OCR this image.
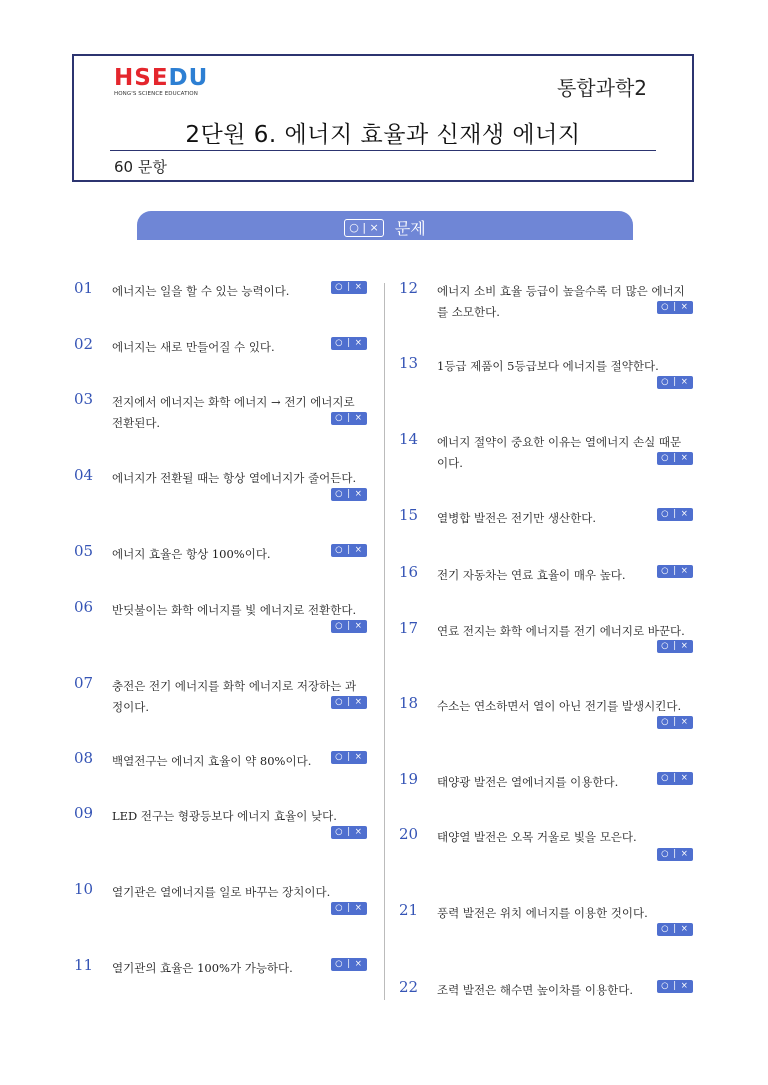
HSEDU
HONG'S SCIENCE EDUCATION	통합과학2
2단원 6. 에너지 효율과 신재생 에너지
60 문항
○ | × 문제
01 에너지는 일을 할 수 있는 능력이다.	○ | ×
02 에너지는 새로 만들어질 수 있다.	○ | ×
03 전지에서 에너지는 화학 에너지 → 전기 에너지로
전환된다.	○ | ×
04 에너지가 전환될 때는 항상 열에너지가 줄어든다.
○ | ×
05 에너지 효율은 항상 100%이다.	○ | ×
06 반딧불이는 화학 에너지를 빛 에너지로 전환한다.
○ | ×
07 충전은 전기 에너지를 화학 에너지로 저장하는 과
정이다.	○ | ×
08 백열전구는 에너지 효율이 약 80%이다.	○ | ×
09 LED 전구는 형광등보다 에너지 효율이 낮다.
○ | ×
10 열기관은 열에너지를 일로 바꾸는 장치이다.
○ | ×
11 열기관의 효율은 100%가 가능하다.	○ | ×
12 에너지 소비 효율 등급이 높을수록 더 많은 에너지
를 소모한다.	○ | ×
13 1등급 제품이 5등급보다 에너지를 절약한다.
○ | ×
14 에너지 절약이 중요한 이유는 열에너지 손실 때문
이다.	○ | ×
15 열병합 발전은 전기만 생산한다.	○ | ×
16 전기 자동차는 연료 효율이 매우 높다.	○ | ×
17 연료 전지는 화학 에너지를 전기 에너지로 바꾼다.
○ | ×
18 수소는 연소하면서 열이 아닌 전기를 발생시킨다.
○ | ×
19 태양광 발전은 열에너지를 이용한다.	○ | ×
20 태양열 발전은 오목 거울로 빛을 모은다.
○ | ×
21 풍력 발전은 위치 에너지를 이용한 것이다.
○ | ×
22 조력 발전은 해수면 높이차를 이용한다.	○ | ×
